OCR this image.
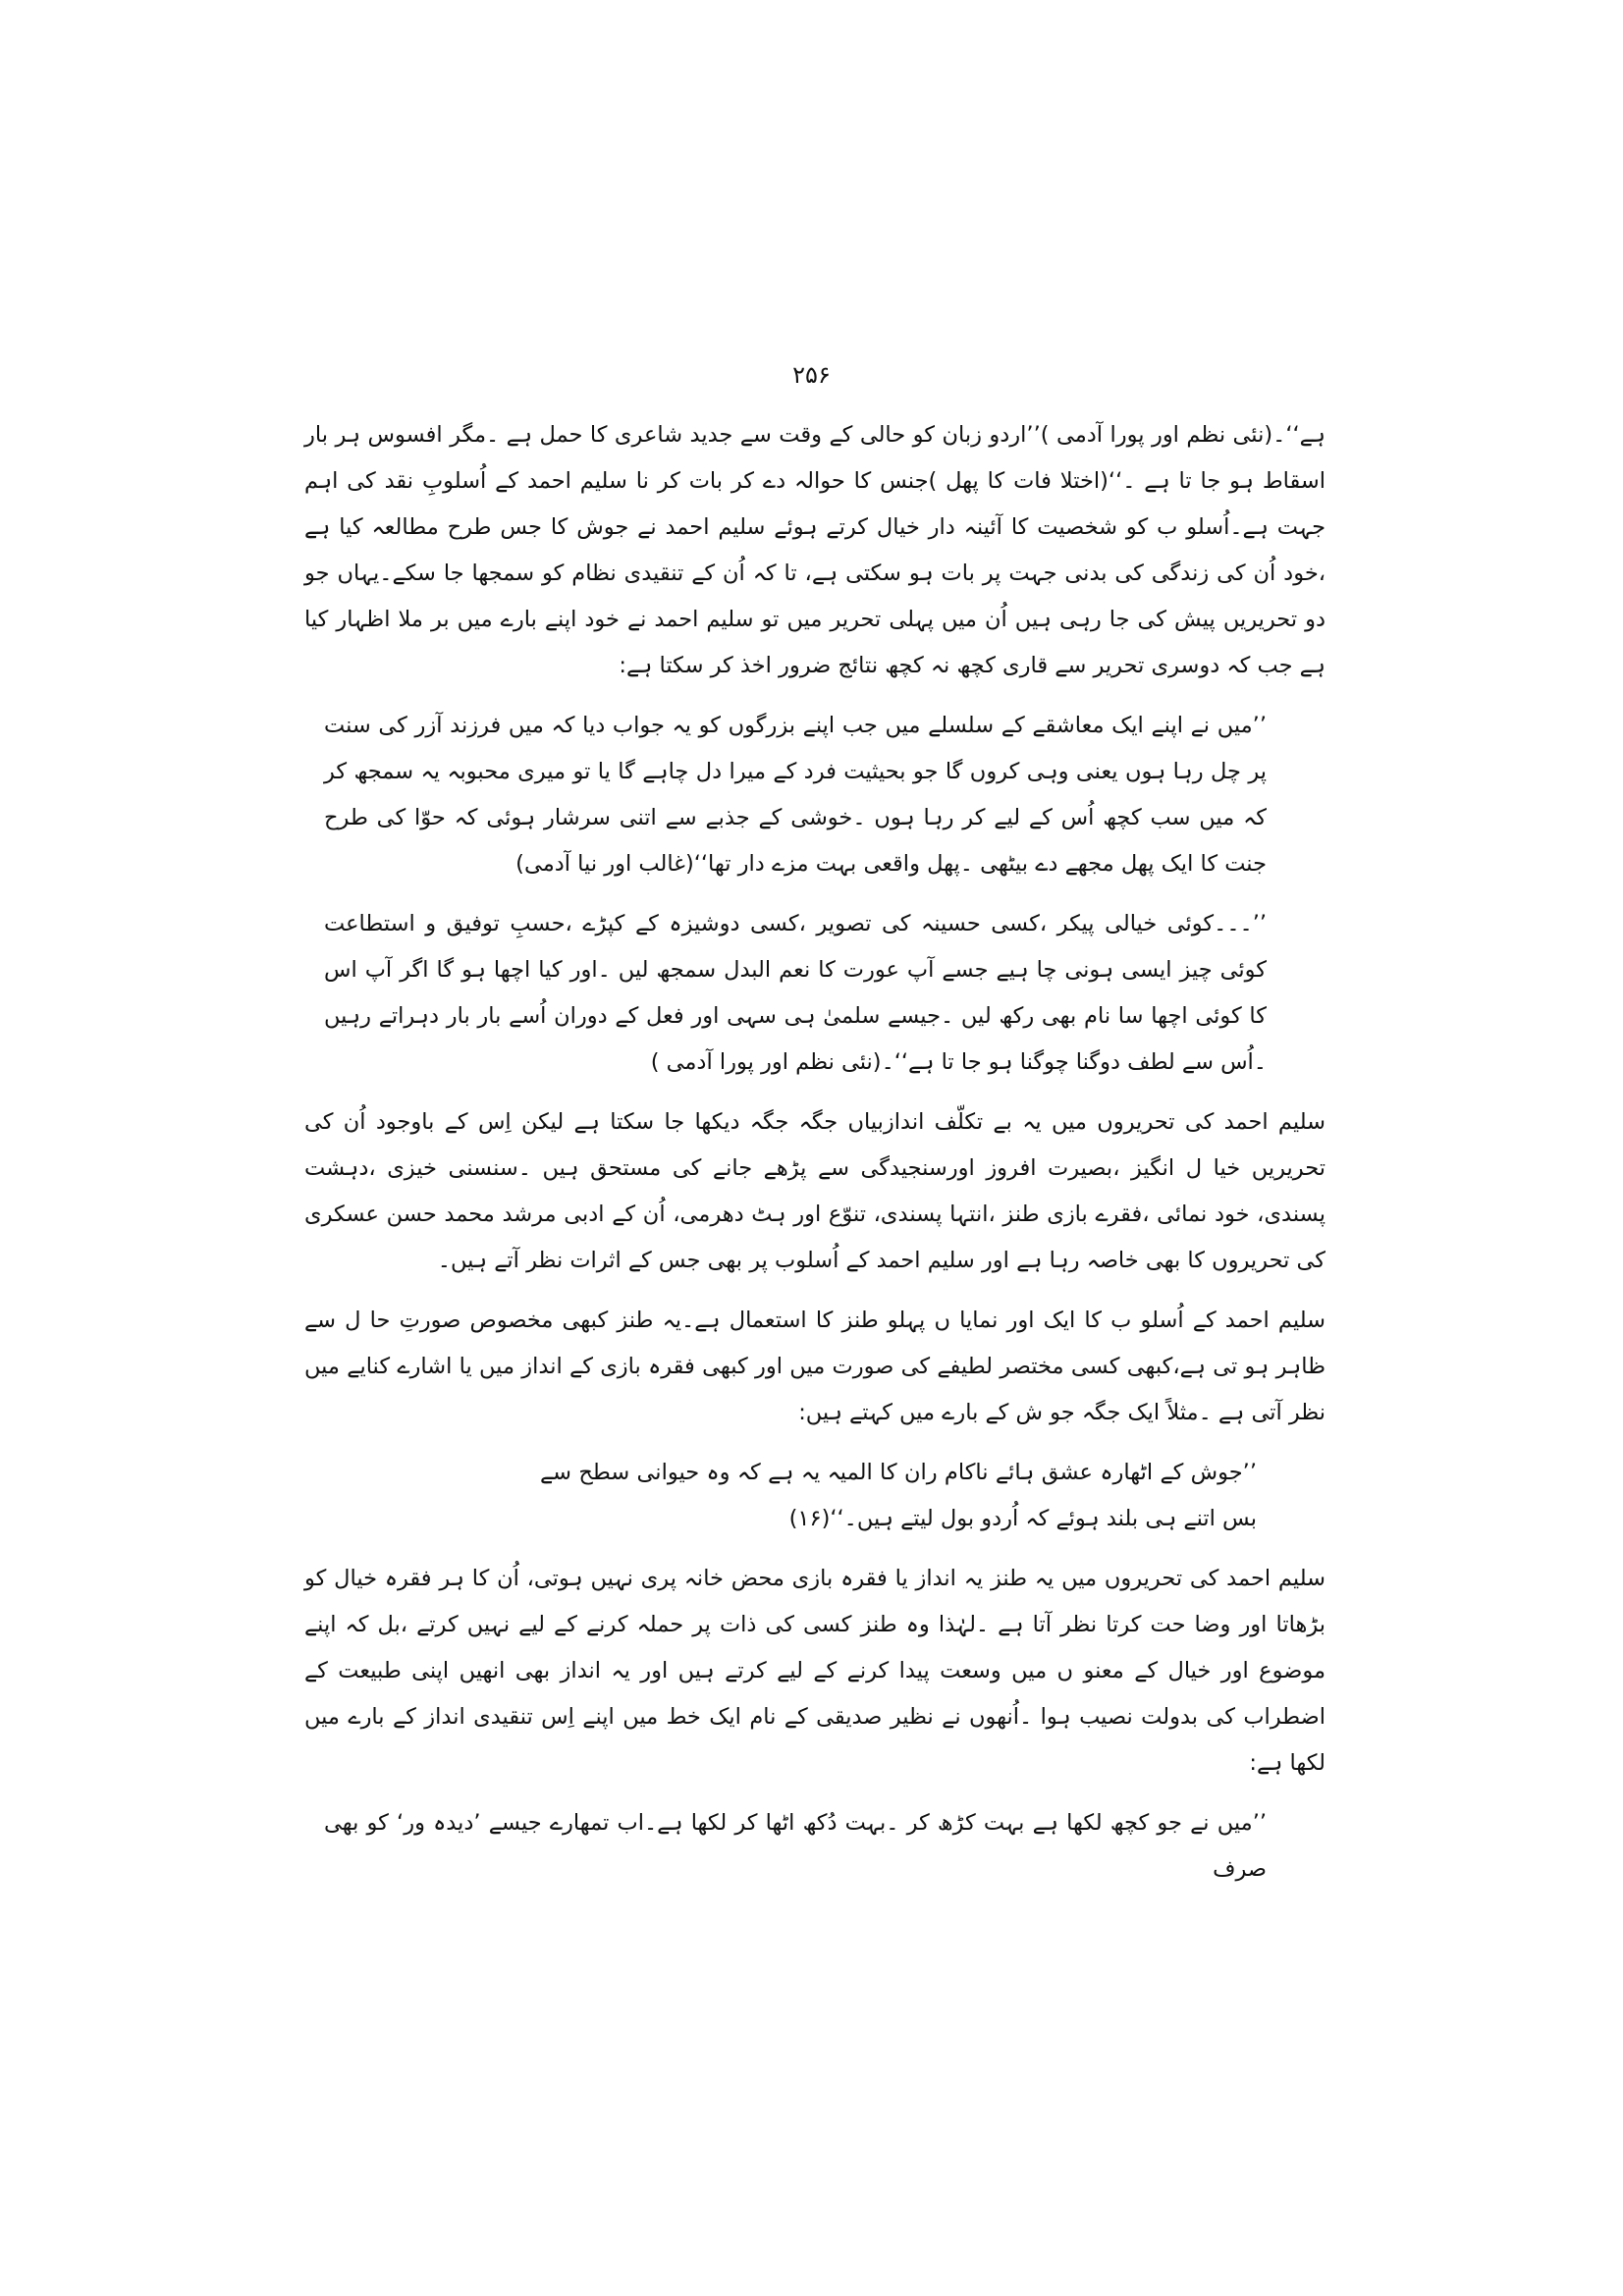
۲۵۶

ہے‘‘۔(نئی نظم اور پورا آدمی )’’اردو زبان کو حالی کے وقت سے جدید شاعری کا حمل ہے ۔مگر افسوس ہر بار اسقاط ہو جا تا ہے ۔‘‘(اختلا فات کا پھل )جنس کا حوالہ دے کر بات کر نا سلیم احمد کے اُسلوبِ نقد کی اہم جہت ہے۔اُسلو ب کو شخصیت کا آئینہ دار خیال کرتے ہوئے سلیم احمد نے جوش کا جس طرح مطالعہ کیا ہے ،خود اُن کی زندگی کی بدنی جہت پر بات ہو سکتی ہے، تا کہ اُن کے تنقیدی نظام کو سمجھا جا سکے۔یہاں جو دو تحریریں پیش کی جا رہی ہیں اُن میں پہلی تحریر میں تو سلیم احمد نے خود اپنے بارے میں بر ملا اظہار کیا ہے جب کہ دوسری تحریر سے قاری کچھ نہ کچھ نتائج ضرور اخذ کر سکتا ہے:

’’میں نے اپنے ایک معاشقے کے سلسلے میں جب اپنے بزرگوں کو یہ جواب دیا کہ میں فرزند آزر کی سنت پر چل رہا ہوں یعنی وہی کروں گا جو بحیثیت فرد کے میرا دل چاہے گا یا تو میری محبوبہ یہ سمجھ کر کہ میں سب کچھ اُس کے لیے کر رہا ہوں ۔خوشی کے جذبے سے اتنی سرشار ہوئی کہ حوّا کی طرح جنت کا ایک پھل مجھے دے بیٹھی ۔پھل واقعی بہت مزے دار تھا‘‘(غالب اور نیا آدمی)

’’۔۔۔کوئی خیالی پیکر ،کسی حسینہ کی تصویر ،کسی دوشیزہ کے کپڑے ،حسبِ توفیق و استطاعت کوئی چیز ایسی ہونی چا ہیے جسے آپ عورت کا نعم البدل سمجھ لیں ۔اور کیا اچھا ہو گا اگر آپ اس کا کوئی اچھا سا نام بھی رکھ لیں ۔جیسے سلمیٰ ہی سہی اور فعل کے دوران اُسے بار بار دہراتے رہیں ۔اُس سے لطف دوگنا چوگنا ہو جا تا ہے‘‘۔(نئی نظم اور پورا آدمی )

سلیم احمد کی تحریروں میں یہ بے تکلّف اندازبیاں جگہ جگہ دیکھا جا سکتا ہے لیکن اِس کے باوجود اُن کی تحریریں خیا ل انگیز ،بصیرت افروز اورسنجیدگی سے پڑھے جانے کی مستحق ہیں ۔سنسنی خیزی ،دہشت پسندی، خود نمائی ،فقرے بازی طنز ،انتہا پسندی، تنوّع اور ہٹ دھرمی، اُن کے ادبی مرشد محمد حسن عسکری کی تحریروں کا بھی خاصہ رہا ہے اور سلیم احمد کے اُسلوب پر بھی جس کے اثرات نظر آتے ہیں۔

سلیم احمد کے اُسلو ب کا ایک اور نمایا ں پہلو طنز کا استعمال ہے۔یہ طنز کبھی مخصوص صورتِ حا ل سے ظاہر ہو تی ہے،کبھی کسی مختصر لطیفے کی صورت میں اور کبھی فقرہ بازی کے انداز میں یا اشارے کنایے میں نظر آتی ہے ۔مثلاً ایک جگہ جو ش کے بارے میں کہتے ہیں:

’’جوش کے اٹھارہ عشق ہائے ناکام ران کا المیہ یہ ہے کہ وہ حیوانی سطح سے بس اتنے ہی بلند ہوئے کہ اُردو بول لیتے ہیں۔‘‘(۱۶)

سلیم احمد کی تحریروں میں یہ طنز یہ انداز یا فقرہ بازی محض خانہ پری نہیں ہوتی، اُن کا ہر فقرہ خیال کو بڑھاتا اور وضا حت کرتا نظر آتا ہے ۔لہٰذا وہ طنز کسی کی ذات پر حملہ کرنے کے لیے نہیں کرتے ،بل کہ اپنے موضوع اور خیال کے معنو ں میں وسعت پیدا کرنے کے لیے کرتے ہیں اور یہ انداز بھی انھیں اپنی طبیعت کے اضطراب کی بدولت نصیب ہوا ۔اُنھوں نے نظیر صدیقی کے نام ایک خط میں اپنے اِس تنقیدی انداز کے بارے میں لکھا ہے:

’’میں نے جو کچھ لکھا ہے بہت کڑھ کر ۔بہت دُکھ اٹھا کر لکھا ہے۔اب تمھارے جیسے ’دیدہ ور‘ کو بھی صرف
